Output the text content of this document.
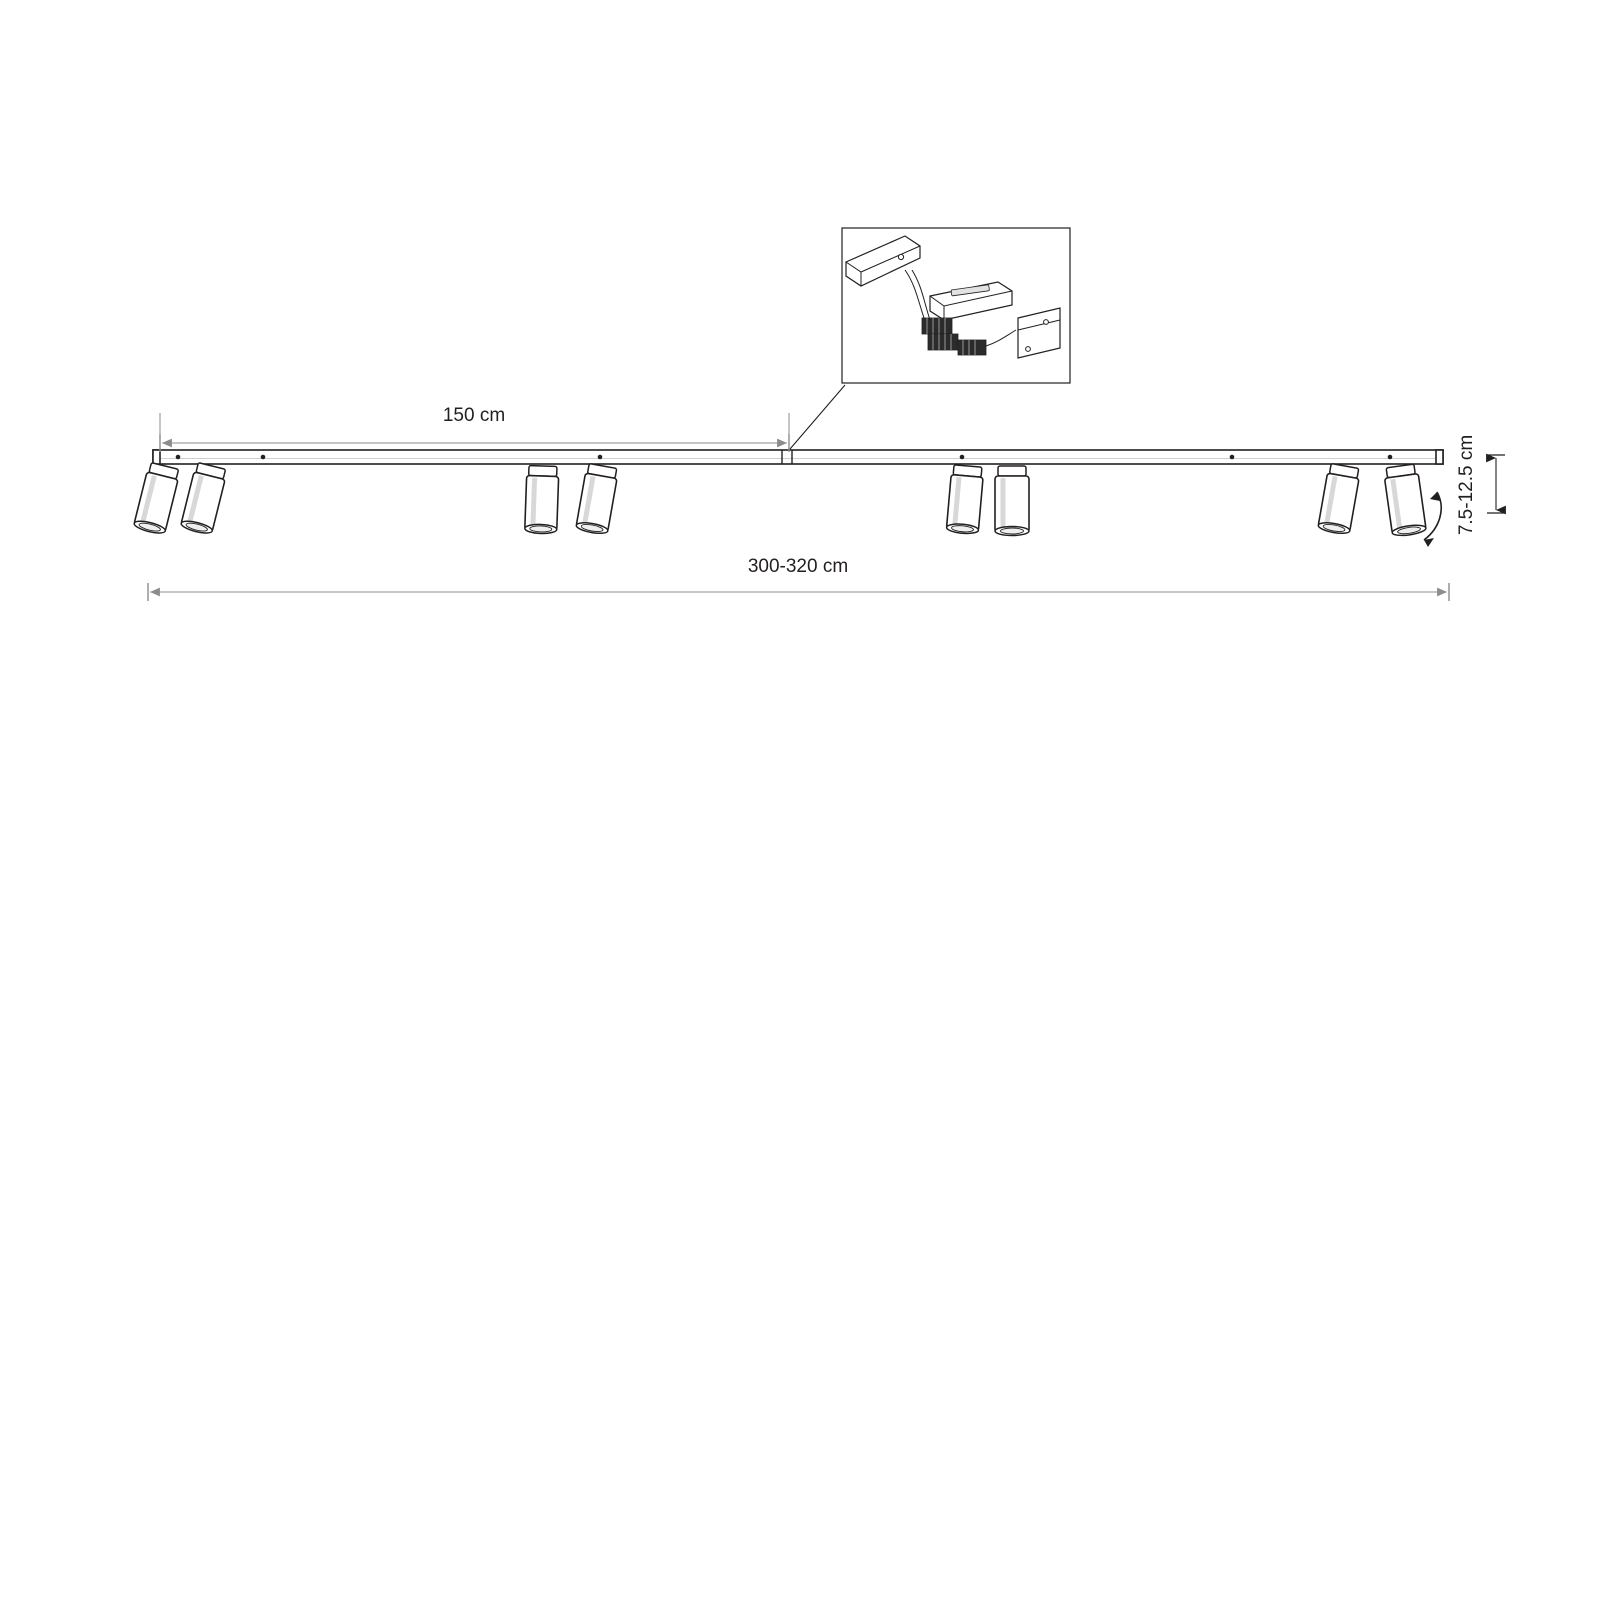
150 cm
300-320 cm
7.5-12.5 cm
